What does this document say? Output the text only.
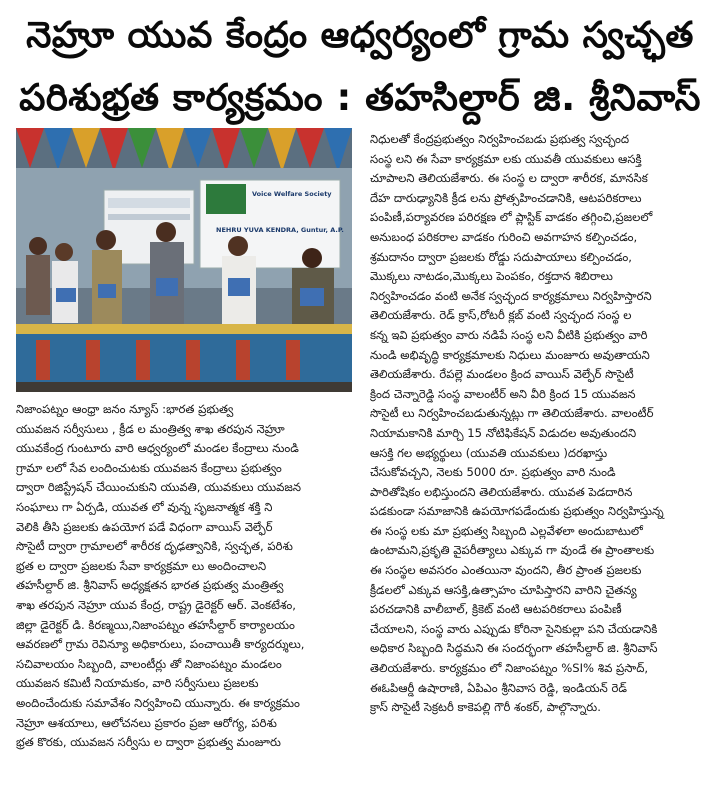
నెహ్రూ యువ కేంద్రం ఆధ్వర్యంలో గ్రామ స్వచ్ఛత
పరిశుభ్రత కార్యక్రమం : తహసిల్దార్ జి. శ్రీనివాస్
Voice Welfare Society
NEHRU YUVA KENDRA, Guntur, A.P.
నిజాంపట్నం ఆంధ్రా జనం న్యూస్ :భారత ప్రభుత్వ
యువజన సర్వీసులు , క్రీడ ల మంత్రిత్వ శాఖ తరపున నెహ్రూ
యువకేంద్ర గుంటూరు వారి ఆధ్వర్యంలో మండల కేంద్రాలు నుండి
గ్రామా లలో సేవ లందించుటకు యువజన కేంద్రాలు ప్రభుత్వం
ద్వారా రిజిస్ట్రేషన్ చేయించుకుని యువతి, యువకులు యువజన
సంఘాలు గా ఏర్పడి, యువత లో వున్న సృజనాత్మక శక్తి ని
వెలికి తీసి ప్రజలకు ఉపయోగ పడే విధంగా వాయిస్ వెల్ఫేర్
సొసైటీ ద్వారా గ్రామాలలో శారీరక దృఢత్వానికి, స్వచ్ఛత, పరిశు
భ్రత ల ద్వారా ప్రజలకు సేవా కార్యక్రమా లు అందించాలని
తహసీల్దార్ జి. శ్రీనివాస్ అధ్యక్షతన భారత ప్రభుత్వ మంత్రిత్వ
శాఖ తరపున నెహ్రూ యువ కేంద్ర, రాష్ట్ర డైరెక్టర్ ఆర్. వెంకటేశం,
జిల్లా డైరెక్టర్ డి. కిరణ్మయి,నిజాంపట్నం తహసీల్దార్ కార్యాలయం
ఆవరణలో గ్రామ రెవిన్యూ అధికారులు, పంచాయితీ కార్యదర్శులు,
సచివాలయం సిబ్బంది, వాలంటీర్లు తో నిజాంపట్నం మండలం
యువజన కమిటీ నియామకం, వారి సర్వీసులు ప్రజలకు
అందించేందుకు సమావేశం నిర్వహించి యున్నారు. ఈ కార్యక్రమం
నెహ్రూ ఆశయాలు, ఆలోచనలు ప్రకారం ప్రజా ఆరోగ్య, పరిశు
భ్రత కొరకు, యువజన సర్వీసు ల ద్వారా ప్రభుత్వ మంజూరు
నిధులతో కేంద్రప్రభుత్వం నిర్వహించబడు ప్రభుత్వ స్వచ్ఛంద
సంస్థ లని ఈ సేవా కార్యక్రమా లకు యువతీ యువకులు ఆసక్తి
చూపాలని తెలియజేశారు. ఈ సంస్థ ల ద్వారా శారీరక, మానసిక
దేహ దారుఢ్యానికి క్రీడ లను ప్రోత్సహించడానికి, ఆటపరికరాలు
పంపిణీ,పర్యావరణ పరిరక్షణ లో ప్లాస్టిక్ వాడకం తగ్గించి,ప్రజలలో
అనుబంధ పరికరాల వాడకం గురించి అవగాహన కల్పించడం,
శ్రమదానం ద్వారా ప్రజలకు రోడ్డు సదుపాయాలు కల్పించడం,
మొక్కలు నాటడం,మొక్కలు పెంపకం, రక్తదాన శిబిరాలు
నిర్వహించడం వంటి అనేక స్వచ్ఛంద కార్యక్రమాలు నిర్వహిస్తారని
తెలియజేశారు. రెడ్ క్రాస్,రోటరీ క్లబ్ వంటి స్వచ్ఛంద సంస్థ ల
కన్న ఇవి ప్రభుత్వం వారు నడిపే సంస్థ లని వీటికి ప్రభుత్వం వారి
నుండి అభివృద్ధి కార్యక్రమాలకు నిధులు మంజూరు అవుతాయని
తెలియజేశారు. రేపల్లె మండలం క్రింద వాయిస్ వెల్ఫేర్ సొసైటీ
క్రింద చెన్నారెడ్డి సంస్థ వాలంటీర్ అని వీరి క్రింద 15 యువజన
సొసైటీ లు నిర్వహించబడుతున్నట్లు గా తెలియజేశారు. వాలంటీర్
నియామకానికి మార్చి 15 నోటిఫికేషన్ విడుదల అవుతుందని
ఆసక్తి గల అభ్యర్థులు (యువతి యువకులు )దరఖాస్తు
చేసుకోవచ్చని, నెలకు 5000 రూ. ప్రభుత్వం వారి నుండి
పారితోషికం లభిస్తుందని తెలియజేశారు. యువత పెడదారిన
పడకుండా సమాజానికి ఉపయోగపడేందుకు ప్రభుత్వం నిర్వహిస్తున్న
ఈ సంస్థ లకు మా ప్రభుత్వ సిబ్బంది ఎల్లవేళలా అందుబాటులో
ఉంటామని,ప్రకృతి వైపరీత్యాలు ఎక్కువ గా వుండే ఈ ప్రాంతాలకు
ఈ సంస్థల అవసరం ఎంతయినా వుందని, తీర ప్రాంత ప్రజలకు
క్రీడలలో ఎక్కువ ఆసక్తి,ఉత్సాహం చూపిస్తారని వారిని చైతన్య
పరచడానికి వాలీబాల్, క్రికెట్ వంటి ఆటపరికరాలు పంపిణీ
చేయాలని, సంస్థ వారు ఎప్పుడు కోరినా సైనికుల్లా పని చేయడానికి
అధికార సిబ్బంది సిద్ధమని ఈ సందర్భంగా తహసీల్దార్ జి. శ్రీనివాస్
తెలియజేశారు. కార్యక్రమం లో నిజాంపట్నం %SI% శివ ప్రసాద్,
ఈఓపిఆర్డీ ఉషారాణి, ఏపిఎం శ్రీనివాస రెడ్డి, ఇండియన్ రెడ్
క్రాస్ సొసైటీ సెక్రటరీ కాకెపల్లి గౌరీ శంకర్, పాల్గొన్నారు.
